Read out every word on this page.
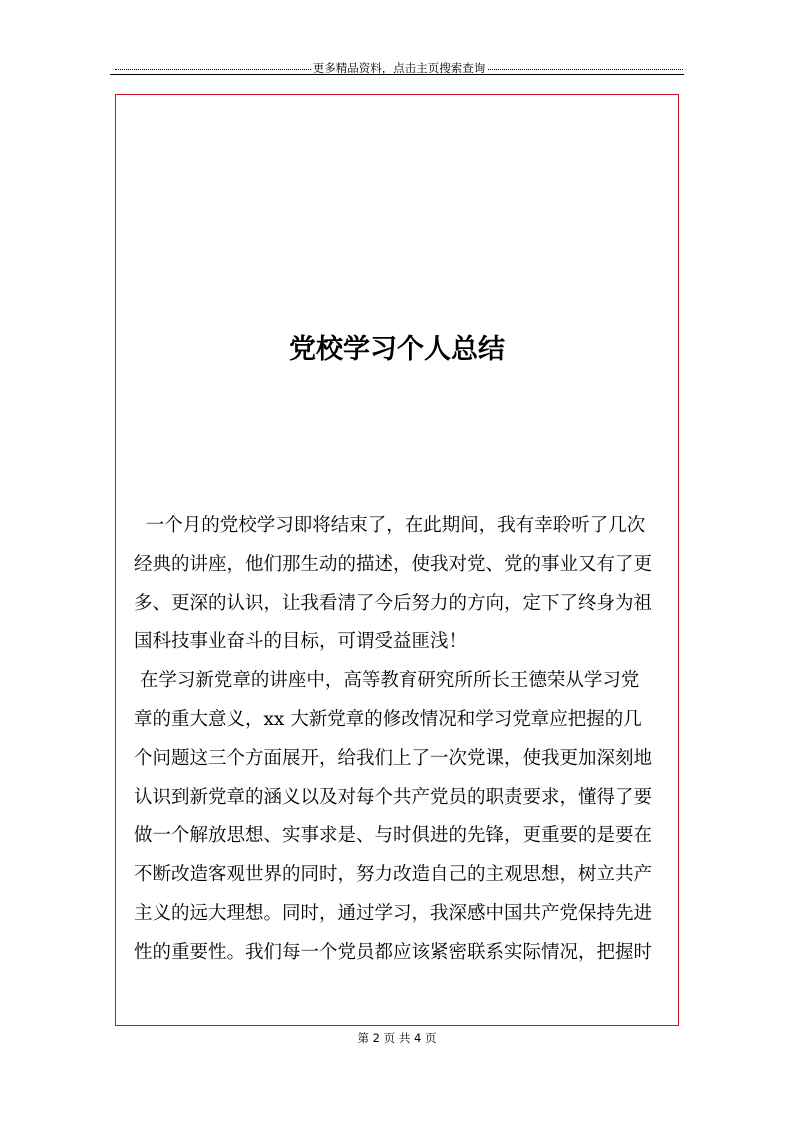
更多精品资料，点击主页搜索查询
党校学习个人总结
一个月的党校学习即将结束了，在此期间，我有幸聆听了几次
经典的讲座，他们那生动的描述，使我对党、党的事业又有了更
多、更深的认识，让我看清了今后努力的方向，定下了终身为祖
国科技事业奋斗的目标，可谓受益匪浅！
在学习新党章的讲座中，高等教育研究所所长王德荣从学习党
章的重大意义，xx 大新党章的修改情况和学习党章应把握的几
个问题这三个方面展开，给我们上了一次党课，使我更加深刻地
认识到新党章的涵义以及对每个共产党员的职责要求，懂得了要
做一个解放思想、实事求是、与时俱进的先锋，更重要的是要在
不断改造客观世界的同时，努力改造自己的主观思想，树立共产
主义的远大理想。同时，通过学习，我深感中国共产党保持先进
性的重要性。我们每一个党员都应该紧密联系实际情况，把握时
第 2 页 共 4 页
